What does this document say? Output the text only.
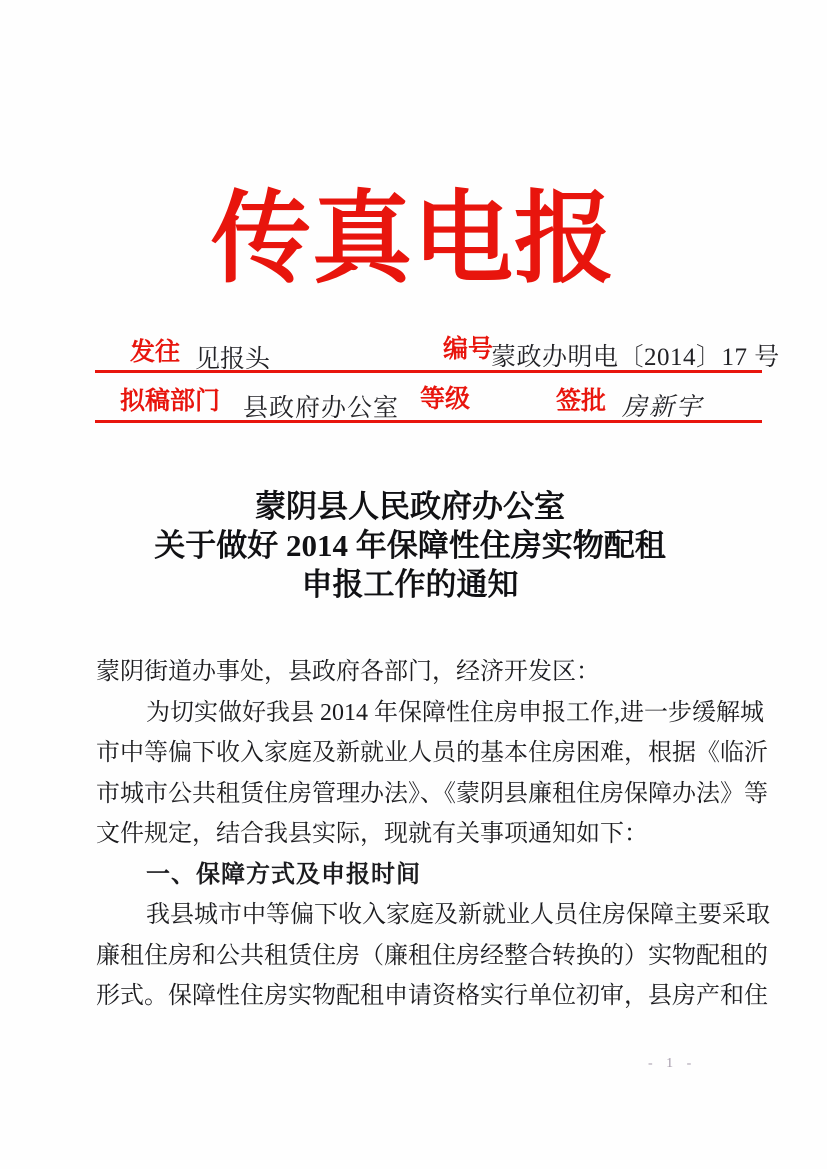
传 真 电 报
发往 见报头	编号
蒙政办明电〔2014〕17 号
拟稿部门 县政府办公室 等级	签批 房新宇
蒙阴县人民政府办公室
关于做好 2014 年保障性住房实物配租
申报工作的通知
蒙阴街道办事处，县政府各部门，经济开发区：
为切实做好我县 2014 年保障性住房申报工作,进一步缓解城
市中等偏下收入家庭及新就业人员的基本住房困难，根据《临沂
市城市公共租赁住房管理办法》、《蒙阴县廉租住房保障办法》等
文件规定，结合我县实际，现就有关事项通知如下：
一、保障方式及申报时间
我县城市中等偏下收入家庭及新就业人员住房保障主要采取
廉租住房和公共租赁住房（廉租住房经整合转换的）实物配租的
形式。保障性住房实物配租申请资格实行单位初审，县房产和住
- 1 -
